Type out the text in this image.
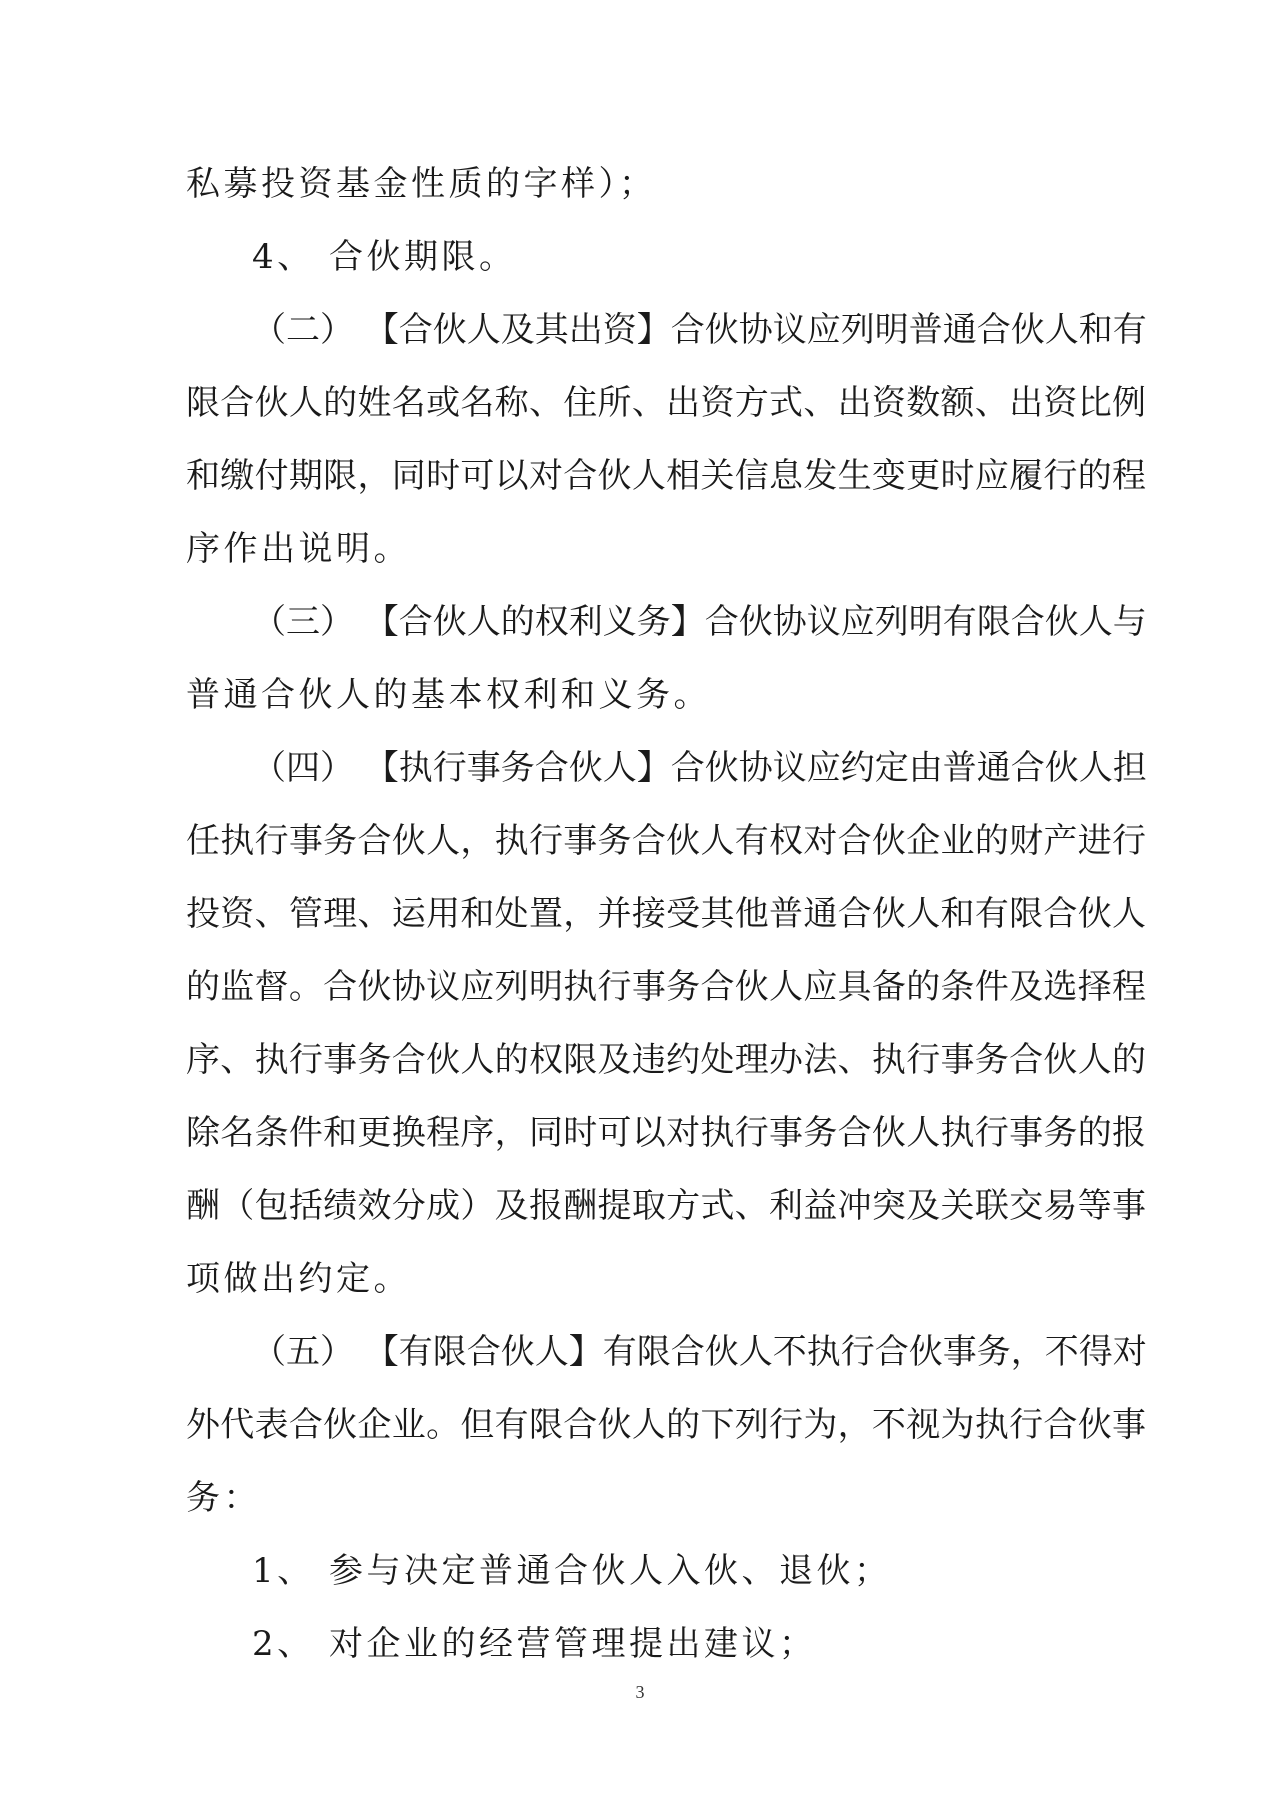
私募投资基金性质的字样）；
4、 合伙期限。
（二） 【合伙人及其出资】合伙协议应列明普通合伙人和有
限合伙人的姓名或名称、住所、出资方式、出资数额、出资比例
和缴付期限，同时可以对合伙人相关信息发生变更时应履行的程
序作出说明。
（三） 【合伙人的权利义务】合伙协议应列明有限合伙人与
普通合伙人的基本权利和义务。
（四） 【执行事务合伙人】合伙协议应约定由普通合伙人担
任执行事务合伙人，执行事务合伙人有权对合伙企业的财产进行
投资、管理、运用和处置，并接受其他普通合伙人和有限合伙人
的监督。合伙协议应列明执行事务合伙人应具备的条件及选择程
序、执行事务合伙人的权限及违约处理办法、执行事务合伙人的
除名条件和更换程序，同时可以对执行事务合伙人执行事务的报
酬（包括绩效分成）及报酬提取方式、利益冲突及关联交易等事
项做出约定。
（五） 【有限合伙人】有限合伙人不执行合伙事务，不得对
外代表合伙企业。但有限合伙人的下列行为，不视为执行合伙事
务：
1、 参与决定普通合伙人入伙、退伙；
2、 对企业的经营管理提出建议；
3
